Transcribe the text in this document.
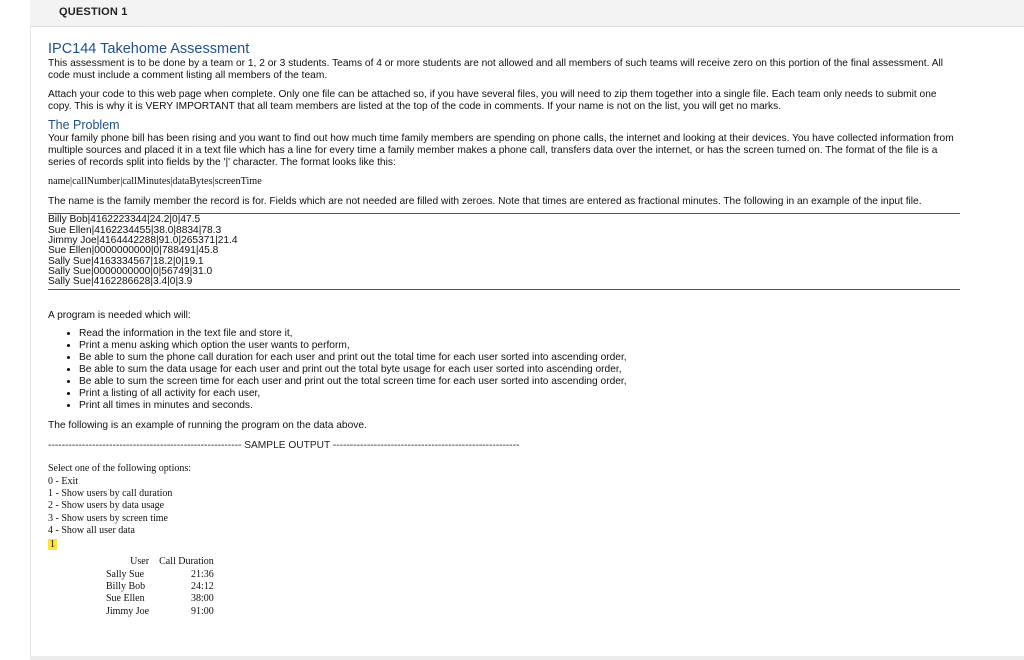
QUESTION 1
IPC144 Takehome Assessment

This assessment is to be done by a team or 1, 2 or 3 students. Teams of 4 or more students are not allowed and all members of such teams will receive zero on this portion of the final assessment. All code must include a comment listing all members of the team.

Attach your code to this web page when complete. Only one file can be attached so, if you have several files, you will need to zip them together into a single file. Each team only needs to submit one copy. This is why it is VERY IMPORTANT that all team members are listed at the top of the code in comments. If your name is not on the list, you will get no marks.

The Problem

Your family phone bill has been rising and you want to find out how much time family members are spending on phone calls, the internet and looking at their devices. You have collected information from multiple sources and placed it in a text file which has a line for every time a family member makes a phone call, transfers data over the internet, or has the screen turned on. The format of the file is a series of records split into fields by the '|' character. The format looks like this:

name|callNumber|callMinutes|dataBytes|screenTime

The name is the family member the record is for. Fields which are not needed are filled with zeroes. Note that times are entered as fractional minutes. The following in an example of the input file.

Billy Bob|4162223344|24.2|0|47.5
Sue Ellen|4162234455|38.0|8834|78.3
Jimmy Joe|4164442288|91.0|265371|21.4
Sue Ellen|0000000000|0|788491|45.8
Sally Sue|4163334567|18.2|0|19.1
Sally Sue|0000000000|0|56749|31.0
Sally Sue|4162286628|3.4|0|3.9

A program is needed which will:

• Read the information in the text file and store it,
• Print a menu asking which option the user wants to perform,
• Be able to sum the phone call duration for each user and print out the total time for each user sorted into ascending order,
• Be able to sum the data usage for each user and print out the total byte usage for each user sorted into ascending order,
• Be able to sum the screen time for each user and print out the total screen time for each user sorted into ascending order,
• Print a listing of all activity for each user,
• Print all times in minutes and seconds.

The following is an example of running the program on the data above.

--------------------------------------------------------- SAMPLE OUTPUT -------------------------------------------------------
Select one of the following options:
0 - Exit
1 - Show users by call duration
2 - Show users by data usage
3 - Show users by screen time
4 - Show all user data
1
User	Call Duration
Sally Sue	21:36
Billy Bob	24:12
Sue Ellen	38:00
Jimmy Joe	91:00
